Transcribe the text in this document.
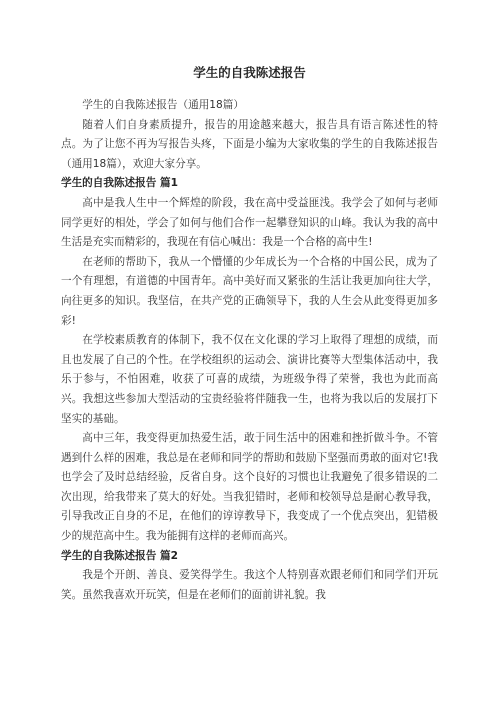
学生的自我陈述报告

学生的自我陈述报告（通用18篇）

随着人们自身素质提升，报告的用途越来越大，报告具有语言陈述性的特点。为了让您不再为写报告头疼，下面是小编为大家收集的学生的自我陈述报告（通用18篇），欢迎大家分享。

学生的自我陈述报告 篇1

高中是我人生中一个辉煌的阶段，我在高中受益匪浅。我学会了如何与老师同学更好的相处，学会了如何与他们合作一起攀登知识的山峰。我认为我的高中生活是充实而精彩的，我现在有信心喊出：我是一个合格的高中生!

在老师的帮助下，我从一个懵懂的少年成长为一个合格的中国公民，成为了一个有理想，有道德的中国青年。高中美好而又紧张的生活让我更加向往大学，向往更多的知识。我坚信，在共产党的正确领导下，我的人生会从此变得更加多彩!

在学校素质教育的体制下，我不仅在文化课的学习上取得了理想的成绩，而且也发展了自己的个性。在学校组织的运动会、演讲比赛等大型集体活动中，我乐于参与，不怕困难，收获了可喜的成绩，为班级争得了荣誉，我也为此而高兴。我想这些参加大型活动的宝贵经验将伴随我一生，也将为我以后的发展打下坚实的基础。

高中三年，我变得更加热爱生活，敢于同生活中的困难和挫折做斗争。不管遇到什么样的困难，我总是在老师和同学的帮助和鼓励下坚强而勇敢的面对它!我也学会了及时总结经验，反省自身。这个良好的习惯也让我避免了很多错误的二次出现，给我带来了莫大的好处。当我犯错时，老师和校领导总是耐心教导我，引导我改正自身的不足，在他们的谆谆教导下，我变成了一个优点突出，犯错极少的规范高中生。我为能拥有这样的老师而高兴。

学生的自我陈述报告 篇2

我是个开朗、善良、爱笑得学生。我这个人特别喜欢跟老师们和同学们开玩笑。虽然我喜欢开玩笑，但是在老师们的面前讲礼貌。我
